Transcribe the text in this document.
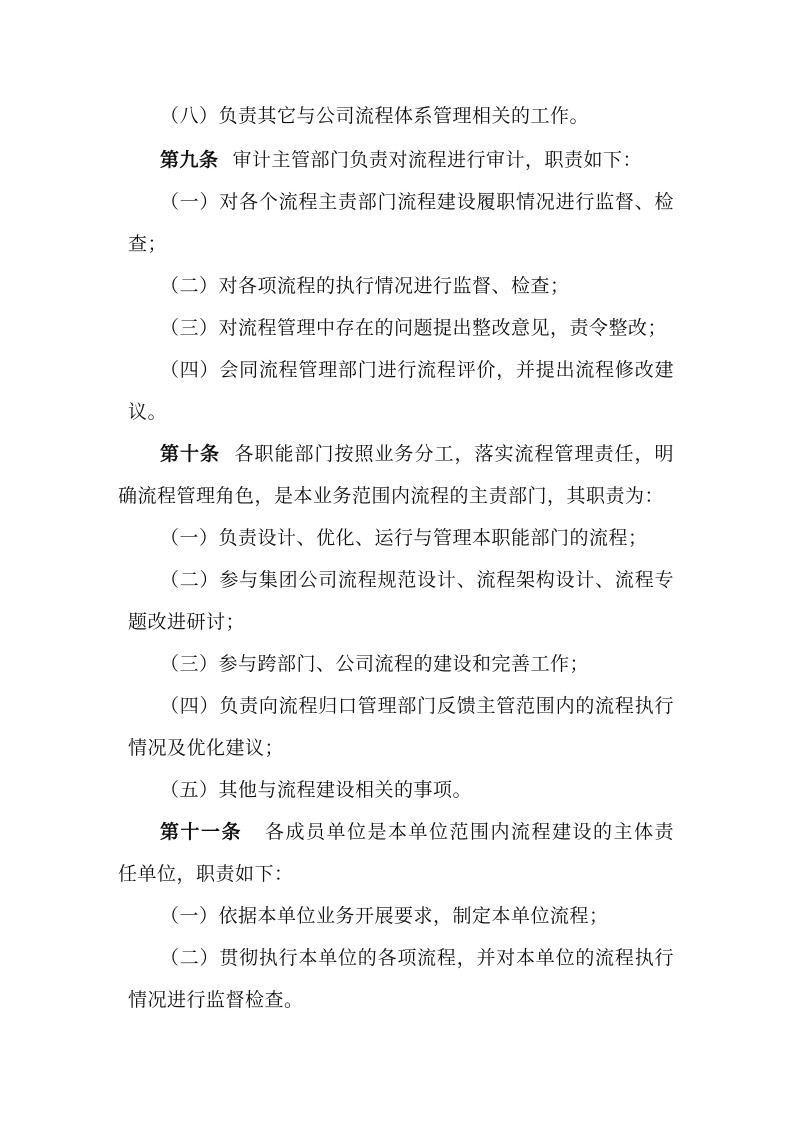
（八）负责其它与公司流程体系管理相关的工作。
第九条 审计主管部门负责对流程进行审计，职责如下：
（一）对各个流程主责部门流程建设履职情况进行监督、检
查；
（二）对各项流程的执行情况进行监督、检查；
（三）对流程管理中存在的问题提出整改意见，责令整改；
（四）会同流程管理部门进行流程评价，并提出流程修改建
议。
第十条 各职能部门按照业务分工，落实流程管理责任，明
确流程管理角色，是本业务范围内流程的主责部门，其职责为：
（一）负责设计、优化、运行与管理本职能部门的流程；
（二）参与集团公司流程规范设计、流程架构设计、流程专
题改进研讨；
（三）参与跨部门、公司流程的建设和完善工作；
（四）负责向流程归口管理部门反馈主管范围内的流程执行
情况及优化建议；
（五）其他与流程建设相关的事项。
第十一条 各成员单位是本单位范围内流程建设的主体责
任单位，职责如下：
（一）依据本单位业务开展要求，制定本单位流程；
（二）贯彻执行本单位的各项流程，并对本单位的流程执行
情况进行监督检查。
